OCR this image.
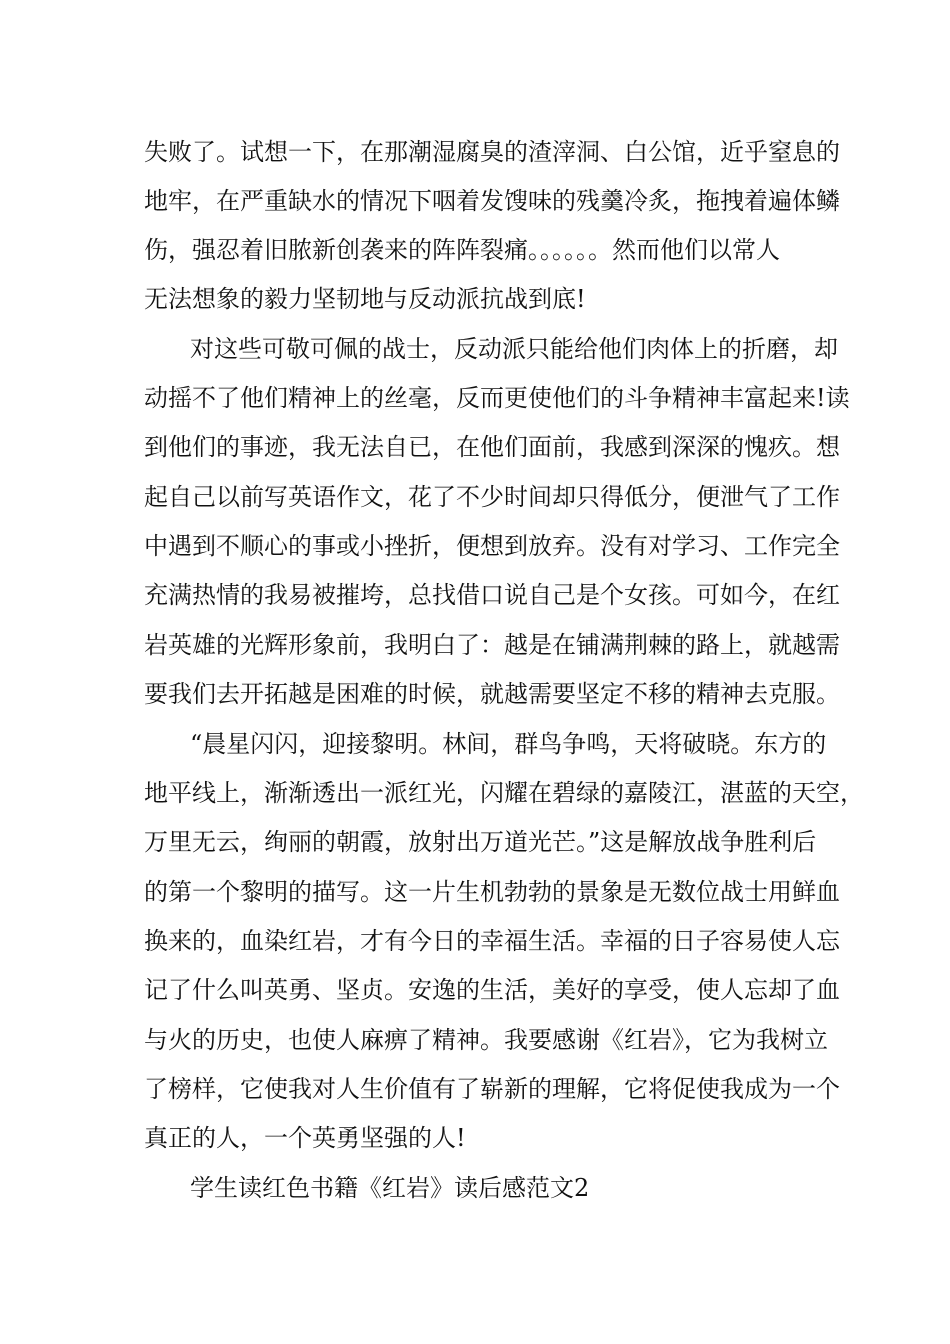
失败了。试想一下，在那潮湿腐臭的渣滓洞、白公馆，近乎窒息的
地牢，在严重缺水的情况下咽着发馊味的残羹冷炙，拖拽着遍体鳞
伤，强忍着旧脓新创袭来的阵阵裂痛。。。。。。然而他们以常人
无法想象的毅力坚韧地与反动派抗战到底!
对这些可敬可佩的战士，反动派只能给他们肉体上的折磨，却
动摇不了他们精神上的丝毫，反而更使他们的斗争精神丰富起来!读
到他们的事迹，我无法自已，在他们面前，我感到深深的愧疚。想
起自己以前写英语作文，花了不少时间却只得低分，便泄气了工作
中遇到不顺心的事或小挫折，便想到放弃。没有对学习、工作完全
充满热情的我易被摧垮，总找借口说自己是个女孩。可如今，在红
岩英雄的光辉形象前，我明白了：越是在铺满荆棘的路上，就越需
要我们去开拓越是困难的时候，就越需要坚定不移的精神去克服。
“晨星闪闪，迎接黎明。林间，群鸟争鸣，天将破晓。东方的
地平线上，渐渐透出一派红光，闪耀在碧绿的嘉陵江，湛蓝的天空，
万里无云，绚丽的朝霞，放射出万道光芒。”这是解放战争胜利后
的第一个黎明的描写。这一片生机勃勃的景象是无数位战士用鲜血
换来的，血染红岩，才有今日的幸福生活。幸福的日子容易使人忘
记了什么叫英勇、坚贞。安逸的生活，美好的享受，使人忘却了血
与火的历史，也使人麻痹了精神。我要感谢《红岩》，它为我树立
了榜样，它使我对人生价值有了崭新的理解，它将促使我成为一个
真正的人，一个英勇坚强的人!
学生读红色书籍《红岩》读后感范文2
